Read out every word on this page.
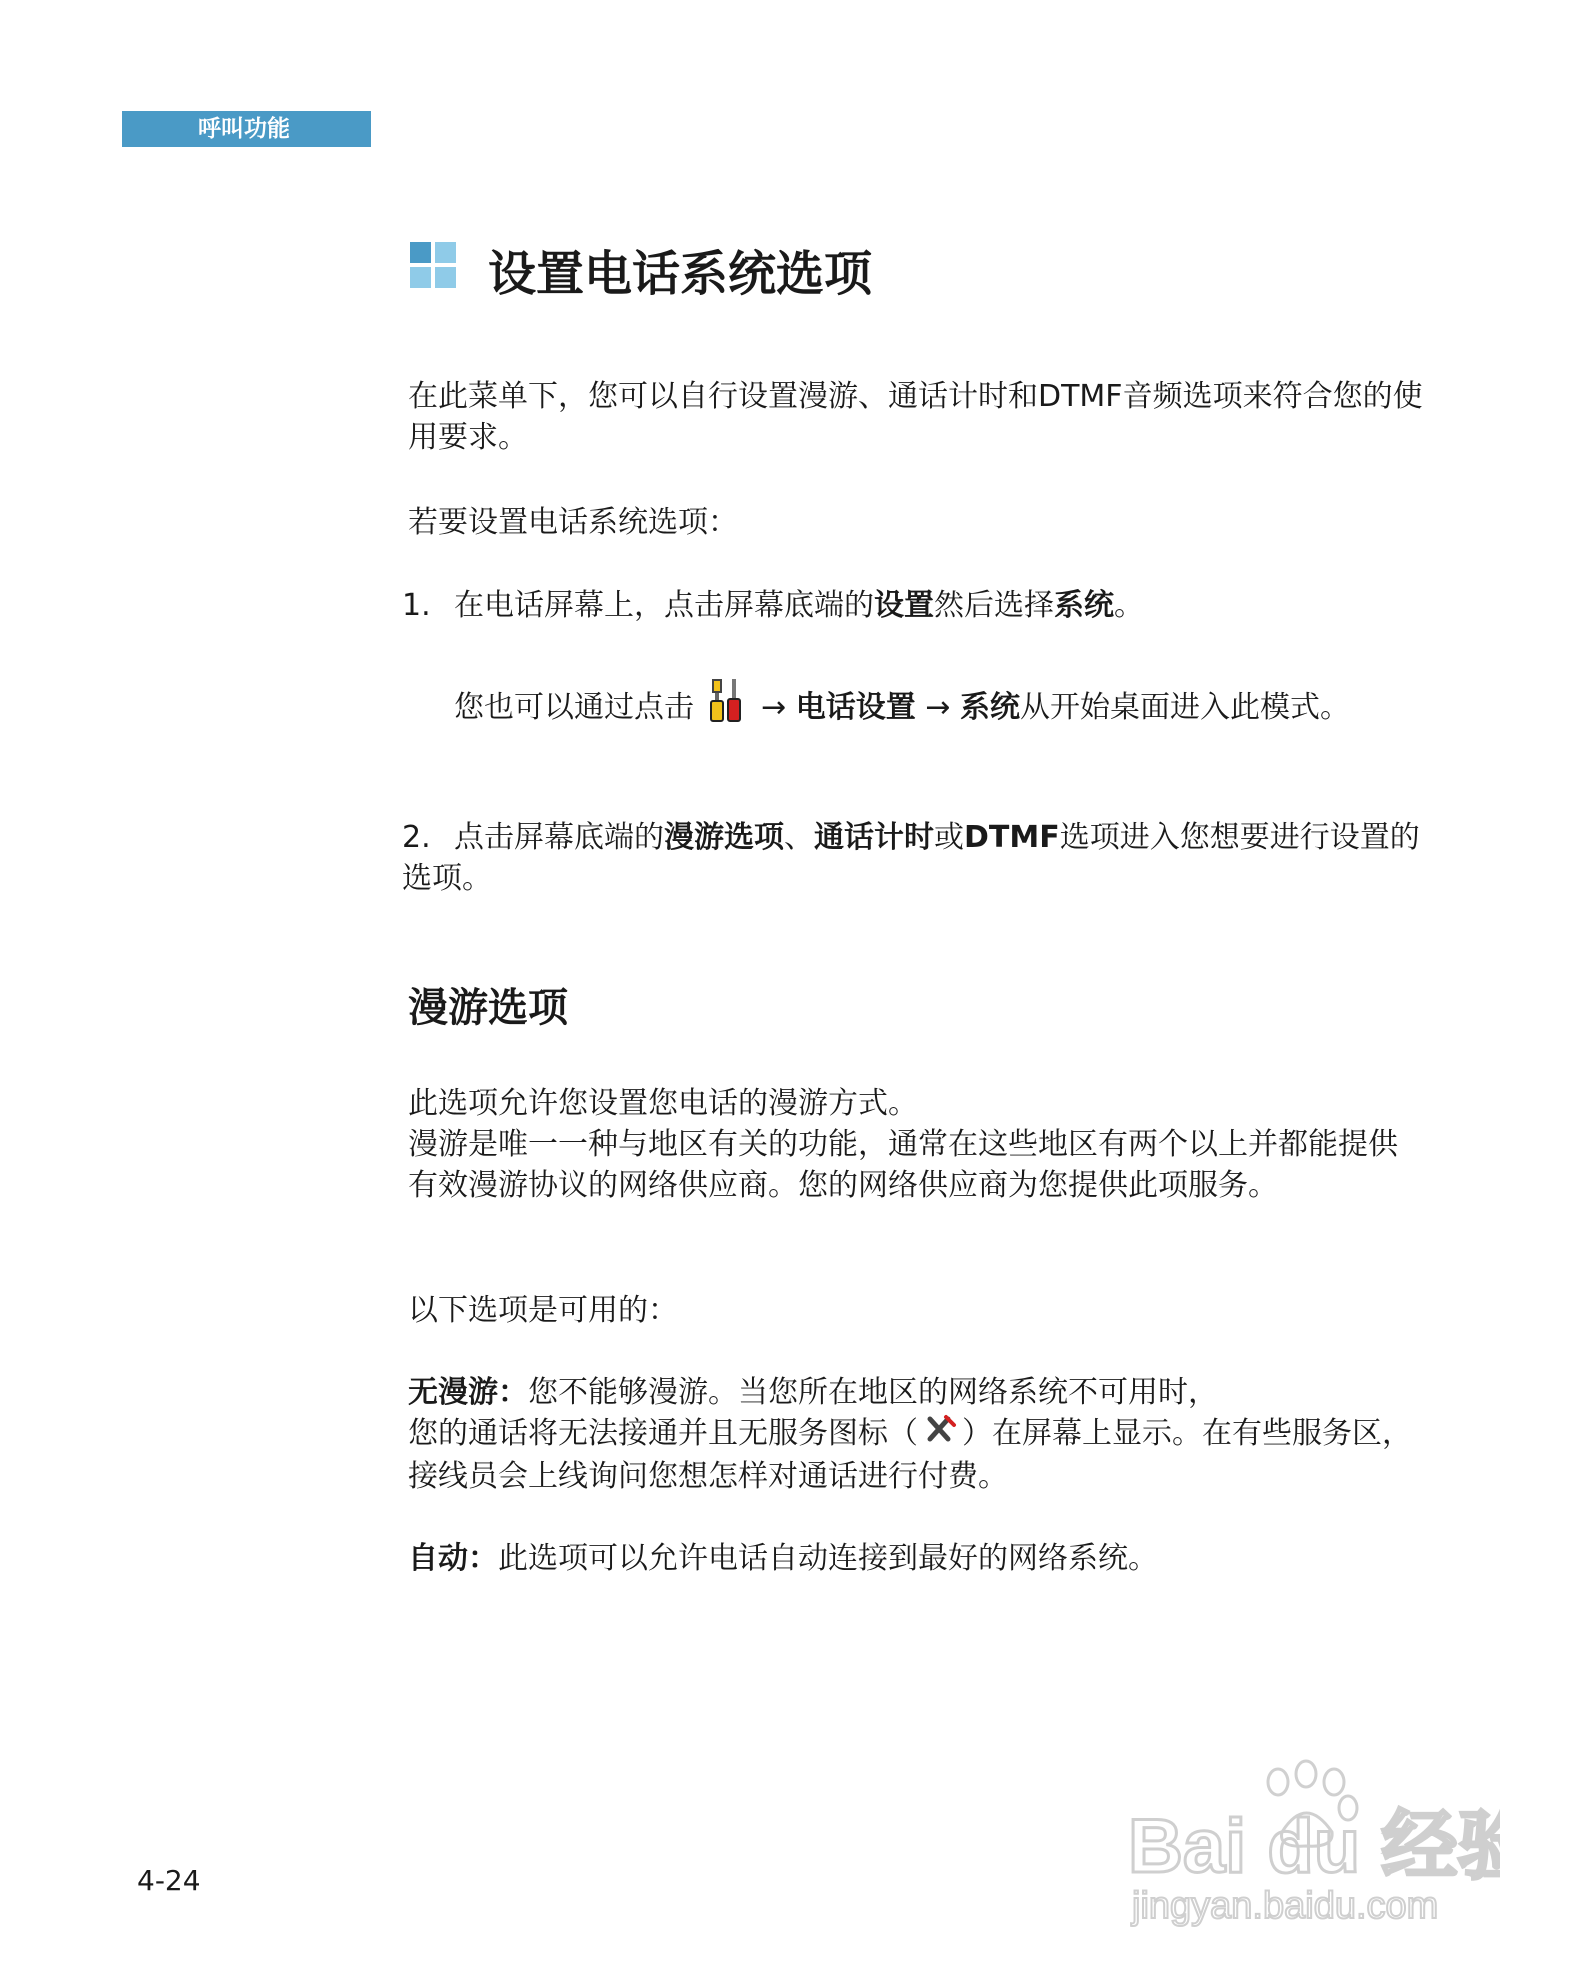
呼叫功能
设置电话系统选项

在此菜单下，您可以自行设置漫游、通话计时和DTMF音频选项来符合您的使用要求。

若要设置电话系统选项：

1. 在电话屏幕上，点击屏幕底端的设置然后选择系统。

您也可以通过点击 → 电话设置 → 系统从开始桌面进入此模式。

2. 点击屏幕底端的漫游选项、通话计时或DTMF选项进入您想要进行设置的选项。

漫游选项

此选项允许您设置您电话的漫游方式。

漫游是唯一一种与地区有关的功能，通常在这些地区有两个以上并都能提供有效漫游协议的网络供应商。您的网络供应商为您提供此项服务。

以下选项是可用的：

无漫游：您不能够漫游。当您所在地区的网络系统不可用时，
您的通话将无法接通并且无服务图标（ ）在屏幕上显示。在有些服务区，接线员会上线询问您想怎样对通话进行付费。

自动：此选项可以允许电话自动连接到最好的网络系统。

4-24	Bai du 经验
jingyan.baidu.com
